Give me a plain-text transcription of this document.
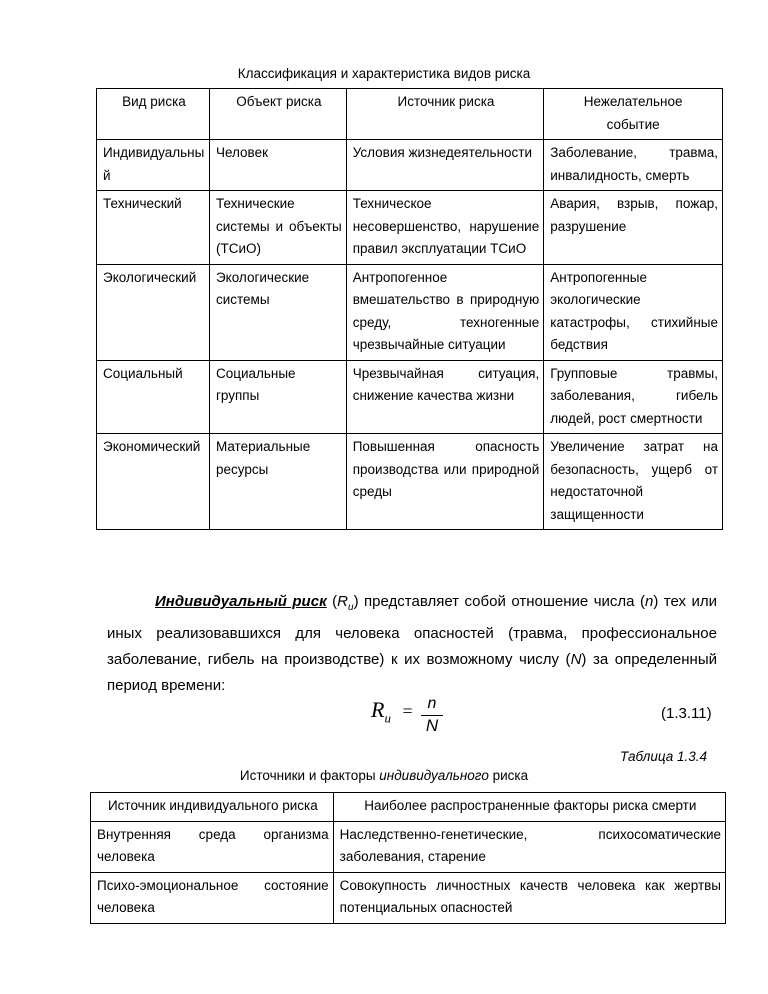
Классификация и характеристика видов риска
Вид риска	Объект риска	Источник риска	Нежелательное событие
Индивидуальный	Человек	Условия жизнедеятельности	Заболевание, травма, инвалидность, смерть
Технический	Технические системы и объекты (ТСиО)	Техническое несовершенство, нарушение правил эксплуатации ТСиО	Авария, взрыв, пожар, разрушение
Экологический	Экологические системы	Антропогенное вмешательство в природную среду, техногенные чрезвычайные ситуации	Антропогенные экологические катастрофы, стихийные бедствия
Социальный	Социальные группы	Чрезвычайная ситуация, снижение качества жизни	Групповые травмы, заболевания, гибель людей, рост смертности
Экономический	Материальные ресурсы	Повышенная опасность производства или природной среды	Увеличение затрат на безопасность, ущерб от недостаточной защищенности
Индивидуальный риск $(R_u)$ представляет собой отношение числа (n) тех или иных реализовавшихся для человека опасностей (травма, профессиональное заболевание, гибель на производстве) к их возможному числу (N) за определенный период времени:
$R_u = n$
N
(1.3.11)
Таблица 1.3.4
Источники и факторы индивидуального риска
Источник индивидуального риска	Наиболее распространенные факторы риска смерти
Внутренняя среда организма человека	Наследственно-генетические, психосоматические заболевания, старение
Психо-эмоциональное состояние человека	Совокупность личностных качеств человека как жертвы потенциальных опасностей
